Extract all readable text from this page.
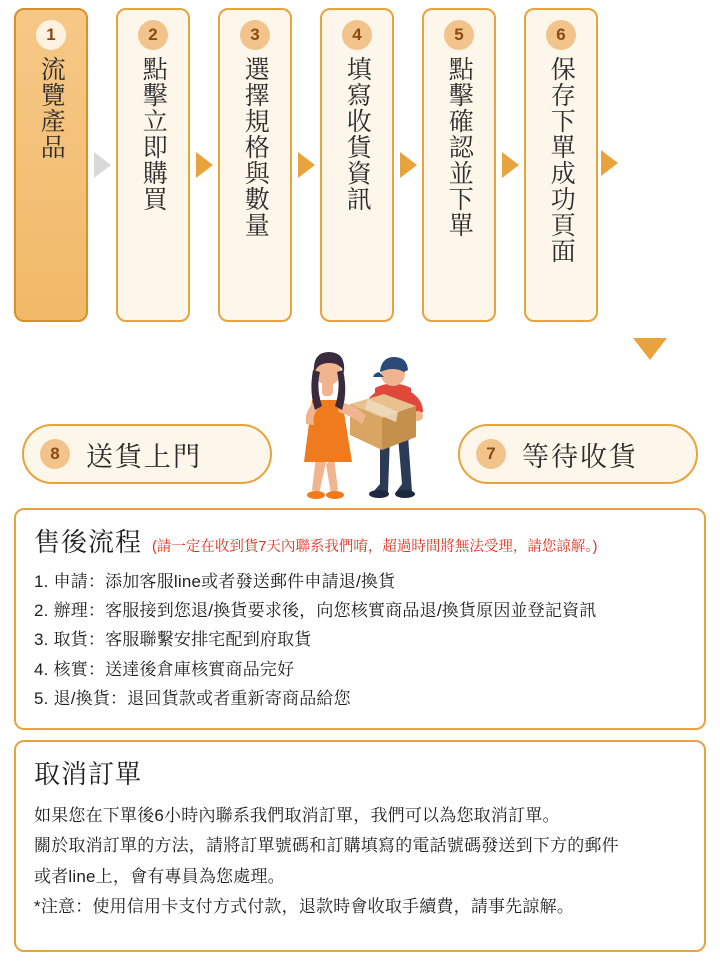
1
流覽產品
2
點擊立即購買
3
選擇規格與數量
4
填寫收貨資訊
5
點擊確認並下單
6
保存下單成功頁面
8 送貨上門	7 等待收貨
售後流程 (請一定在收到貨7天內聯系我們唷，超過時間將無法受理，請您諒解。)
1. 申請：添加客服line或者發送郵件申請退/換貨
2. 辦理：客服接到您退/換貨要求後，向您核實商品退/換貨原因並登記資訊
3. 取貨：客服聯繫安排宅配到府取貨
4. 核實：送達後倉庫核實商品完好
5. 退/換貨：退回貨款或者重新寄商品給您
取消訂單

如果您在下單後6小時內聯系我們取消訂單，我們可以為您取消訂單。

關於取消訂單的方法，請將訂單號碼和訂購填寫的電話號碼發送到下方的郵件

或者line上，會有專員為您處理。

*注意：使用信用卡支付方式付款，退款時會收取手續費，請事先諒解。
